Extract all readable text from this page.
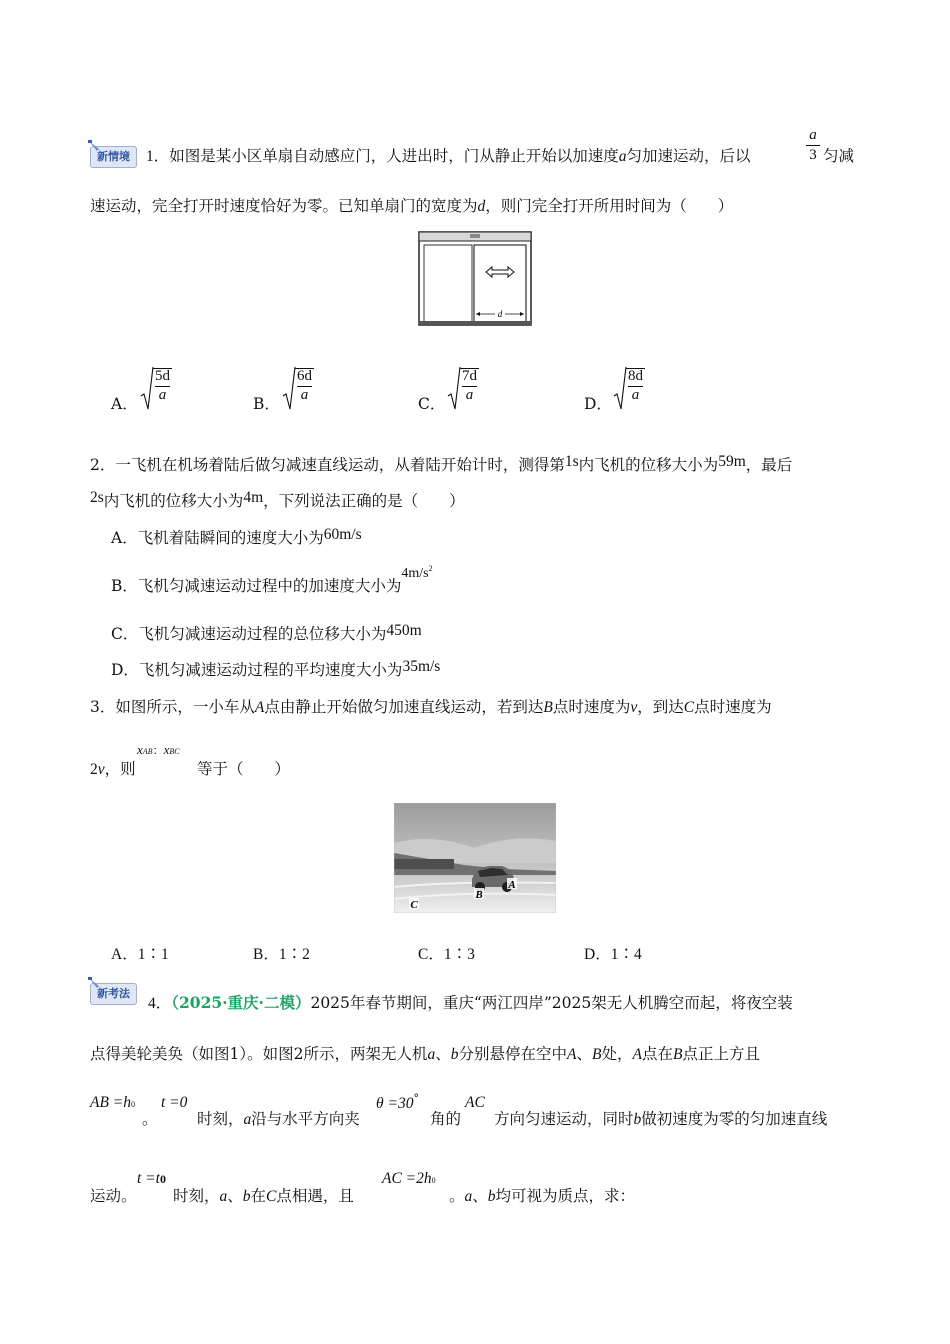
新情境	1．如图是某小区单扇自动感应门，人进出时，门从静止开始以加速度a匀加速运动，后以
a
3 匀减
速运动，完全打开时速度恰好为零。已知单扇门的宽度为d，则门完全打开所用时间为（　　）
d
A．
5d
a
B．
6d
a
C．
7d
a
D．
8d
a
2．一飞机在机场着陆后做匀减速直线运动，从着陆开始计时，测得第1s内飞机的位移大小为59m，最后
2s内飞机的位移大小为4m，下列说法正确的是（　　）
A．飞机着陆瞬间的速度大小为60m/s
B．飞机匀减速运动过程中的加速度大小为$4m/s^2$
C．飞机匀减速运动过程的总位移大小为450m
D．飞机匀减速运动过程的平均速度大小为35m/s
3．如图所示，一小车从A点由静止开始做匀加速直线运动，若到达B点时速度为v，到达C点时速度为
2v，则
xAB：xBC
等于（　　）
A
B
C
A．1∶1	B．1∶2	C．1∶3	D．1∶4
新考法
4．（2025·重庆·二模）2025年春节期间，重庆“两江四岸”2025架无人机腾空而起，将夜空装
点得美轮美奂（如图1）。如图2所示，两架无人机a、b分别悬停在空中A、B处，A点在B点正上方且
AB =h0
。
t =0
时刻，a沿与水平方向夹
θ =30°
角的
AC
方向匀速运动，同时b做初速度为零的匀加速直线
运动。
t =t0
时刻，a、b在C点相遇，且
AC =2h0
。a、b均可视为质点，求：
